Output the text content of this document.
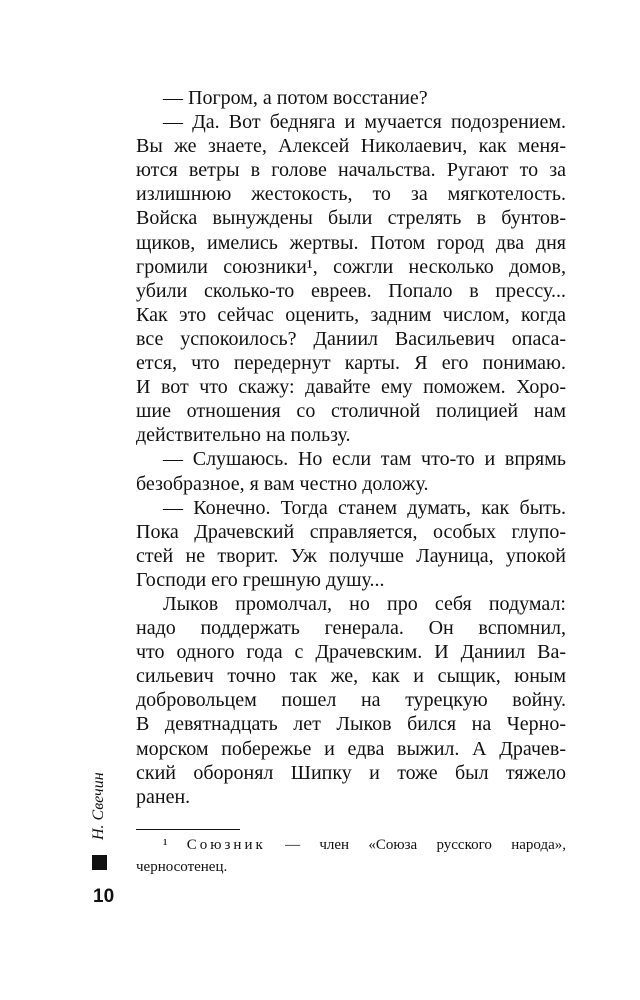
Н. Свечин
10
— Погром, а потом восстание?
— Да. Вот бедняга и мучается подозрением.
Вы же знаете, Алексей Николаевич, как меня-
ются ветры в голове начальства. Ругают то за
излишнюю жестокость, то за мягкотелость.
Войска вынуждены были стрелять в бунтов-
щиков, имелись жертвы. Потом город два дня
громили союзники¹, сожгли несколько домов,
убили сколько-то евреев. Попало в прессу...
Как это сейчас оценить, задним числом, когда
все успокоилось? Даниил Васильевич опаса-
ется, что передернут карты. Я его понимаю.
И вот что скажу: давайте ему поможем. Хоро-
шие отношения со столичной полицией нам
действительно на пользу.
— Слушаюсь. Но если там что-то и впрямь
безобразное, я вам честно доложу.
— Конечно. Тогда станем думать, как быть.
Пока Драчевский справляется, особых глупо-
стей не творит. Уж получше Лауница, упокой
Господи его грешную душу...
Лыков промолчал, но про себя подумал:
надо поддержать генерала. Он вспомнил,
что одного года с Драчевским. И Даниил Ва-
сильевич точно так же, как и сыщик, юным
добровольцем пошел на турецкую войну.
В девятнадцать лет Лыков бился на Черно-
морском побережье и едва выжил. А Драчев-
ский оборонял Шипку и тоже был тяжело
ранен.
¹ Союзник — член «Союза русского народа»,
черносотенец.
